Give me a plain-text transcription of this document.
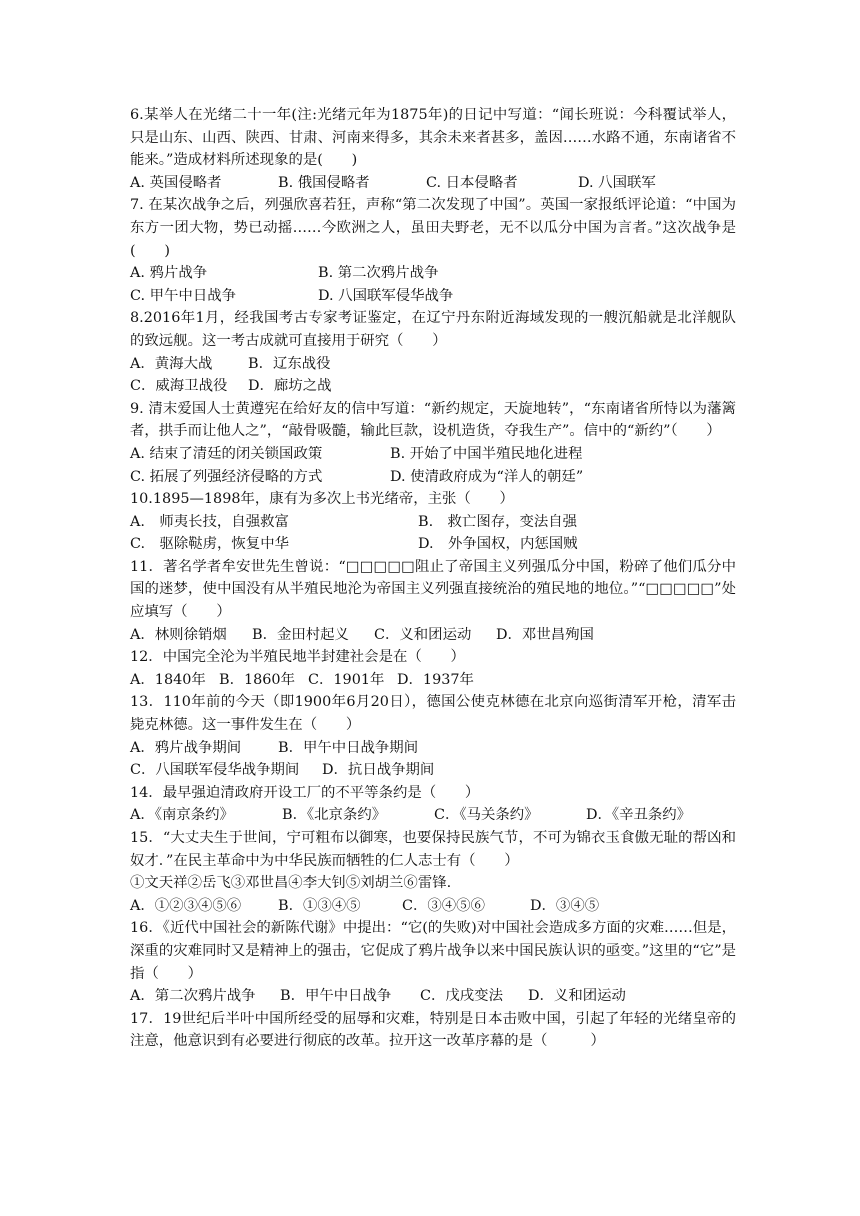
6.某举人在光绪二十一年(注:光绪元年为1875年)的日记中写道：“闻长班说：今科覆试举人，只是山东、山西、陕西、甘肃、河南来得多，其余未来者甚多，盖因……水路不通，东南诸省不能来。”造成材料所述现象的是(　　)

A. 英国侵略者	B. 俄国侵略者	C. 日本侵略者	D. 八国联军

7. 在某次战争之后，列强欣喜若狂，声称“第二次发现了中国”。英国一家报纸评论道：“中国为东方一团大物，势已动摇……今欧洲之人，虽田夫野老，无不以瓜分中国为言者。”这次战争是(　　)

A. 鸦片战争	B. 第二次鸦片战争
C. 甲午中日战争	D. 八国联军侵华战争

8.2016年1月，经我国考古专家考证鉴定，在辽宁丹东附近海域发现的一艘沉船就是北洋舰队的致远舰。这一考古成就可直接用于研究（　　）

A．黄海大战	B．辽东战役
C．威海卫战役	D．廊坊之战

9. 清末爱国人士黄遵宪在给好友的信中写道：“新约规定，天旋地转”，“东南诸省所恃以为藩篱者，拱手而让他人之”，“敲骨吸髓，输此巨款，设机造货，夺我生产”。信中的“新约”（　　）

A. 结束了清廷的闭关锁国政策	B. 开始了中国半殖民地化进程
C. 拓展了列强经济侵略的方式	D. 使清政府成为“洋人的朝廷”

10.1895—1898年，康有为多次上书光绪帝，主张（　　）

A.　师夷长技，自强救富	B.　救亡图存，变法自强
C.　驱除鞑虏，恢复中华	D.　外争国权，内惩国贼

11．著名学者牟安世先生曾说：“□□□□□阻止了帝国主义列强瓜分中国，粉碎了他们瓜分中国的迷梦，使中国没有从半殖民地沦为帝国主义列强直接统治的殖民地的地位。”“□□□□□”处应填写（　　）

A．林则徐销烟	B．金田村起义	C．义和团运动	D．邓世昌殉国

12．中国完全沦为半殖民地半封建社会是在（　　）

A．1840年 B．1860年 C．1901年 D．1937年

13．110年前的今天（即1900年6月20日），德国公使克林德在北京向巡街清军开枪，清军击毙克林德。这一事件发生在（　　）

A．鸦片战争期间	B．甲午中日战争期间
C．八国联军侵华战争期间	D．抗日战争期间

14．最早强迫清政府开设工厂的不平等条约是（　　）

A．《南京条约》	B．《北京条约》	C．《马关条约》	D．《辛丑条约》

15．“大丈夫生于世间，宁可粗布以御寒，也要保持民族气节，不可为锦衣玉食傲无耻的帮凶和奴才．”在民主革命中为中华民族而牺牲的仁人志士有（　　）

①文天祥②岳飞③邓世昌④李大钊⑤刘胡兰⑥雷锋.

A．①②③④⑤⑥	B．①③④⑤	C．③④⑤⑥	D．③④⑤

16．《近代中国社会的新陈代谢》中提出：“它(的失败)对中国社会造成多方面的灾难……但是，深重的灾难同时又是精神上的强击，它促成了鸦片战争以来中国民族认识的亟变。”这里的“它”是指（　　）

A．第二次鸦片战争	B．甲午中日战争	C．戊戌变法	D．义和团运动

17．19世纪后半叶中国所经受的屈辱和灾难，特别是日本击败中国，引起了年轻的光绪皇帝的注意，他意识到有必要进行彻底的改革。拉开这一改革序幕的是（　　　）
